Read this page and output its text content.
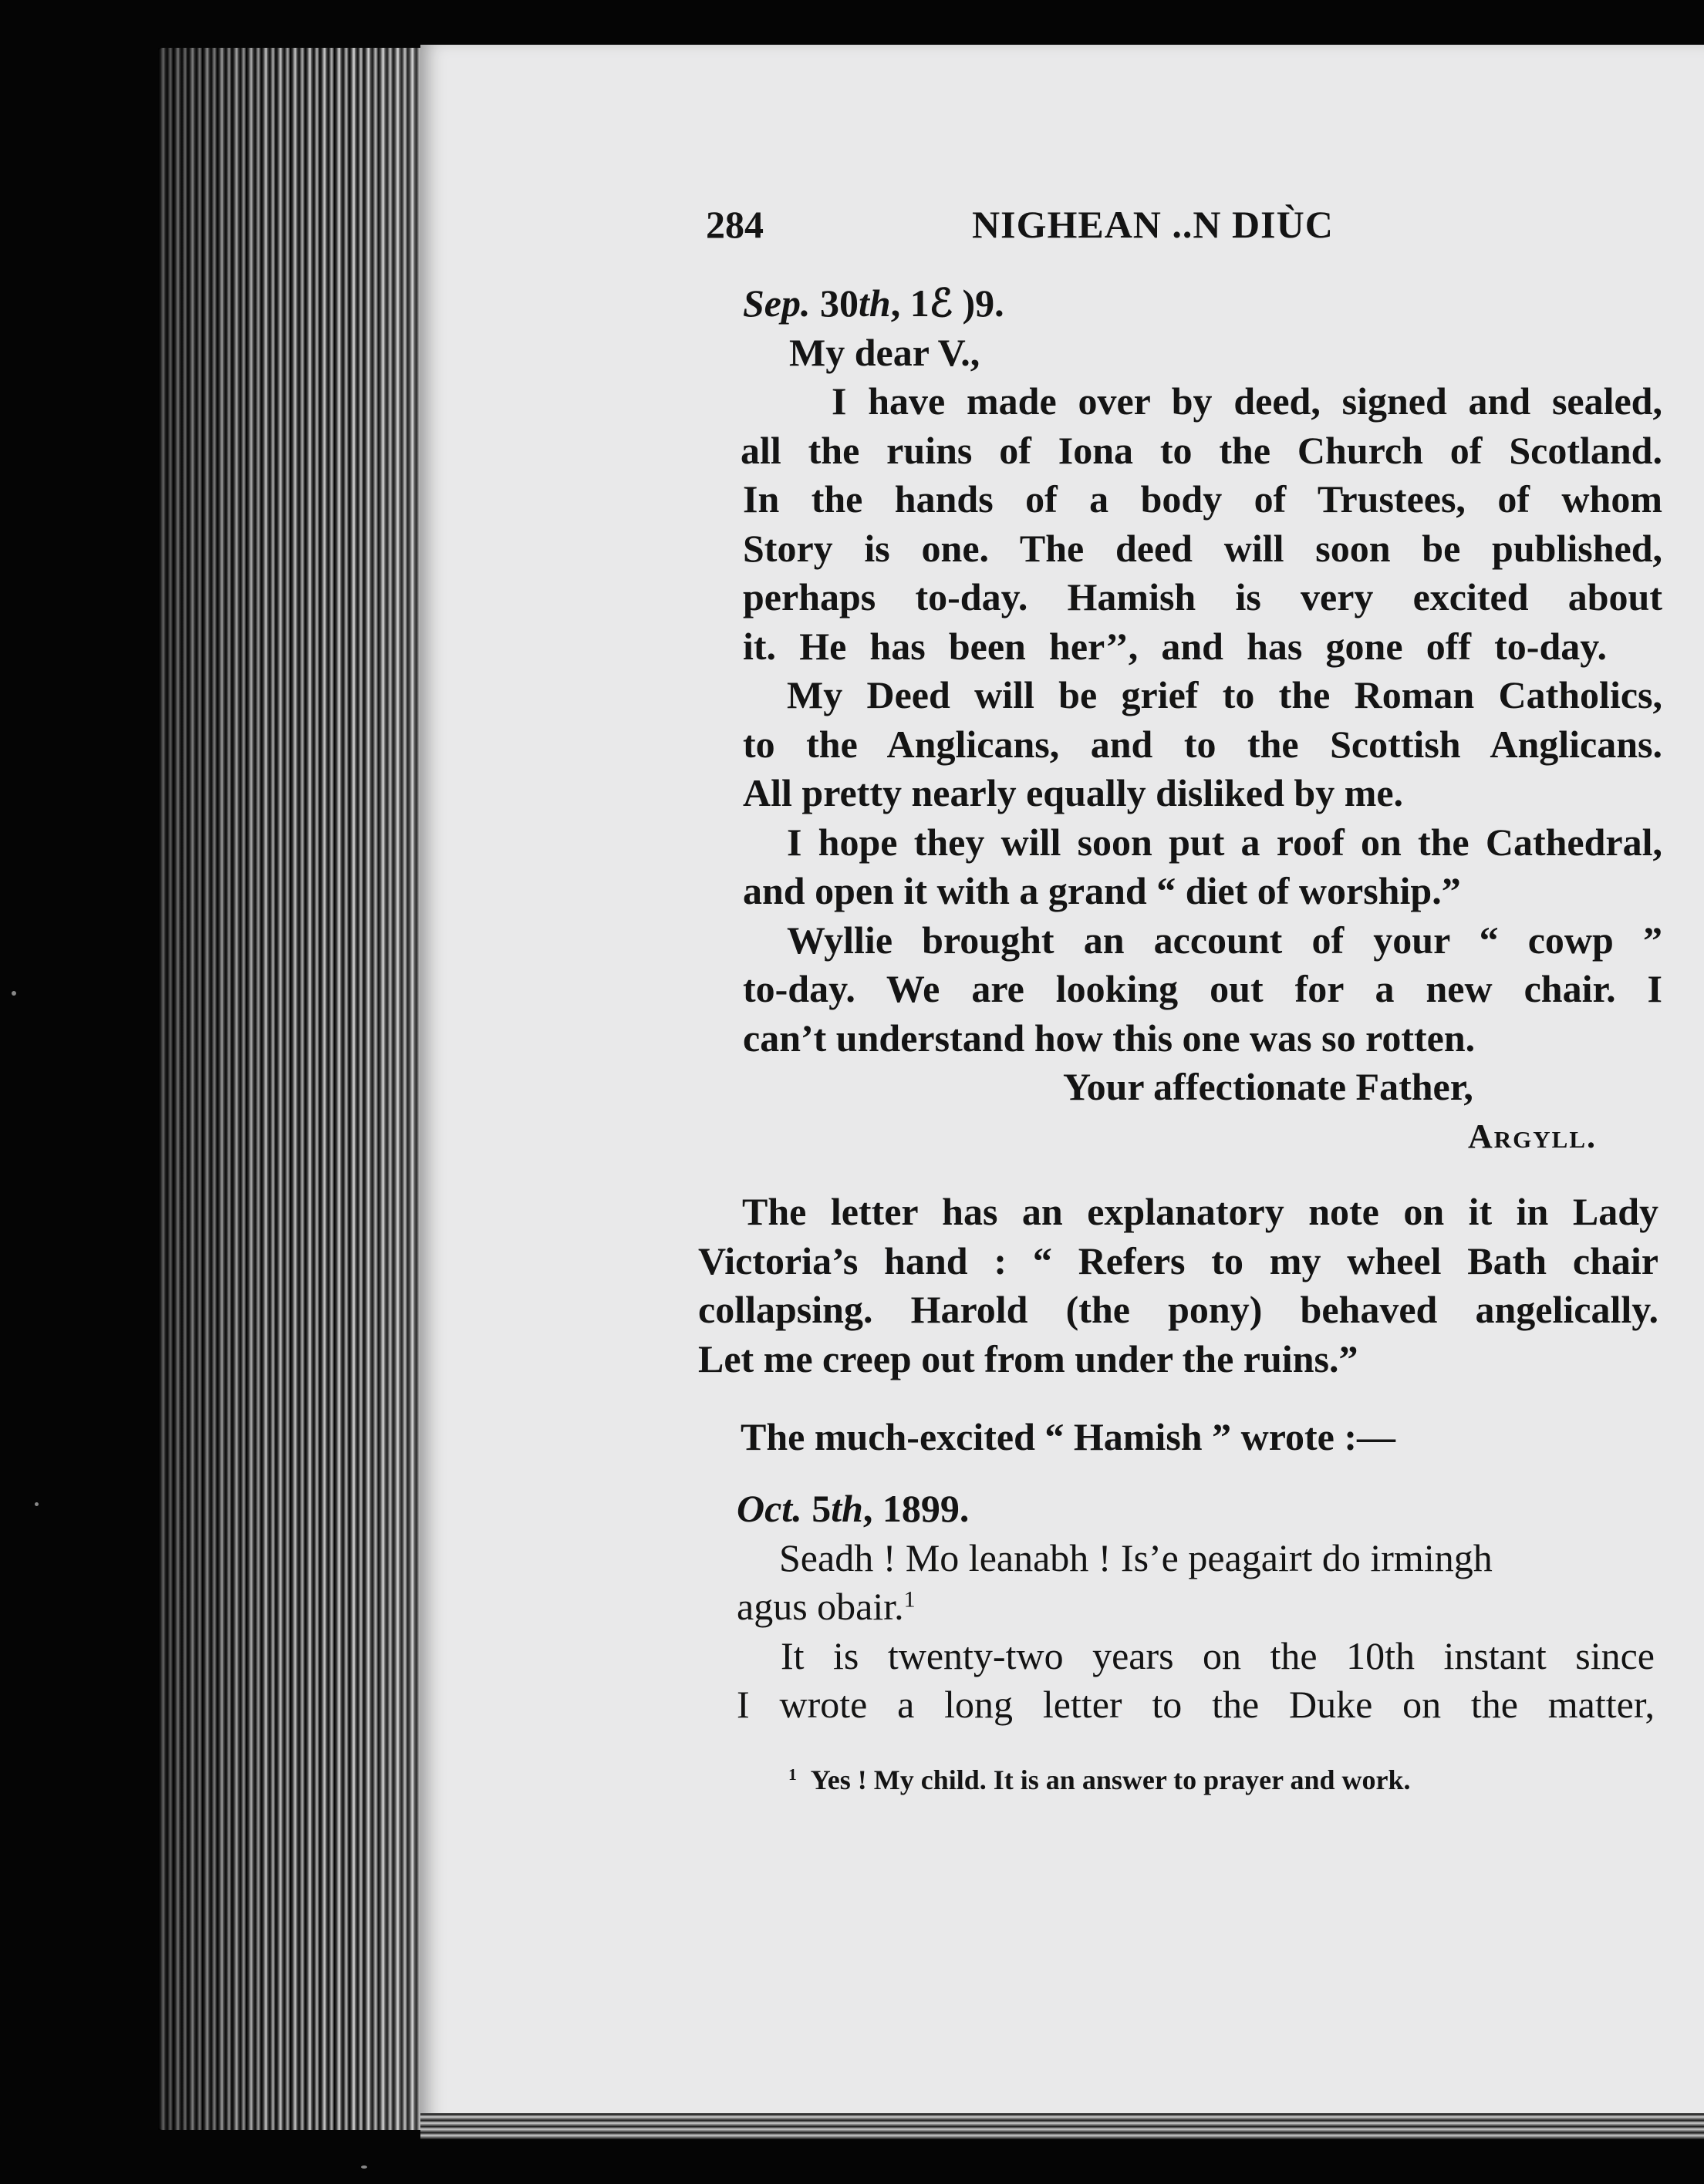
284	NIGHEAN ..N DIÙC
Sep. 30th, 1ℰ )9.
My dear V.,
I have made over by deed, signed and sealed,
all the ruins of Iona to the Church of Scotland.
In the hands of a body of Trustees, of whom
Story is one. The deed will soon be published,
perhaps to-day. Hamish is very excited about
it. He has been her’’, and has gone off to-day.
My Deed will be grief to the Roman Catholics,
to the Anglicans, and to the Scottish Anglicans.
All pretty nearly equally disliked by me.
I hope they will soon put a roof on the Cathedral,
and open it with a grand “ diet of worship.”
Wyllie brought an account of your “ cowp ”
to-day. We are looking out for a new chair. I
can’t understand how this one was so rotten.
Your affectionate Father,
Argyll.
The letter has an explanatory note on it in Lady
Victoria’s hand : “ Refers to my wheel Bath chair
collapsing. Harold (the pony) behaved angelically.
Let me creep out from under the ruins.”
The much-excited “ Hamish ” wrote :—
Oct. 5th, 1899.
Seadh ! Mo leanabh ! Is’e peagairt do irmingh
agus obair.$^1$
It is twenty-two years on the 10th instant since
I wrote a long letter to the Duke on the matter,
$^1$ Yes ! My child. It is an answer to prayer and work.
